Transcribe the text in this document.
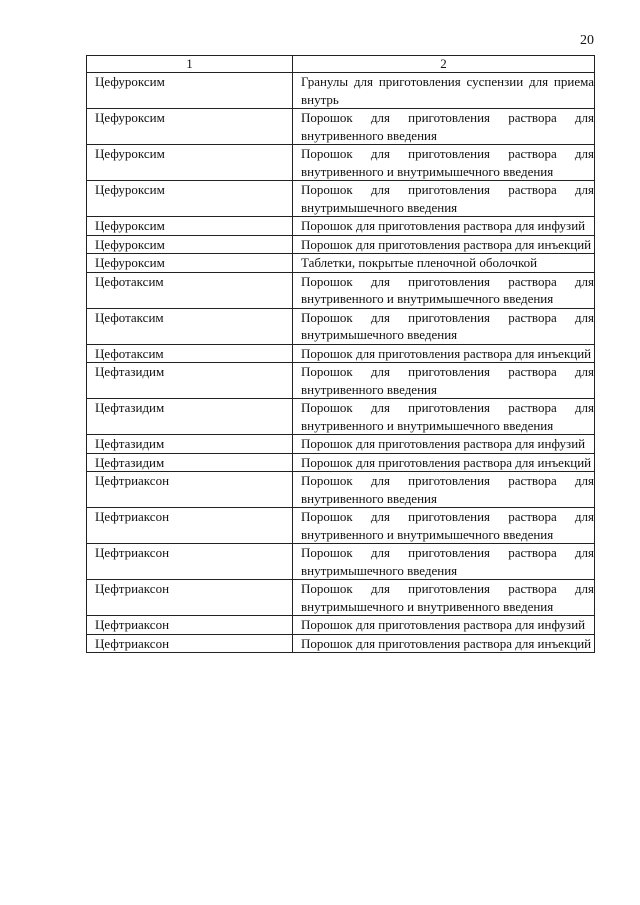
20
1	2
Цефуроксим	Гранулы для приготовления суспензии для приема внутрь
Цефуроксим	Порошок для приготовления раствора для внутривенного введения
Цефуроксим	Порошок для приготовления раствора для внутривенного и внутримышечного введения
Цефуроксим	Порошок для приготовления раствора для внутримышечного введения
Цефуроксим	Порошок для приготовления раствора для инфузий
Цефуроксим	Порошок для приготовления раствора для инъекций
Цефуроксим	Таблетки, покрытые пленочной оболочкой
Цефотаксим	Порошок для приготовления раствора для внутривенного и внутримышечного введения
Цефотаксим	Порошок для приготовления раствора для внутримышечного введения
Цефотаксим	Порошок для приготовления раствора для инъекций
Цефтазидим	Порошок для приготовления раствора для внутривенного введения
Цефтазидим	Порошок для приготовления раствора для внутривенного и внутримышечного введения
Цефтазидим	Порошок для приготовления раствора для инфузий
Цефтазидим	Порошок для приготовления раствора для инъекций
Цефтриаксон	Порошок для приготовления раствора для внутривенного введения
Цефтриаксон	Порошок для приготовления раствора для внутривенного и внутримышечного введения
Цефтриаксон	Порошок для приготовления раствора для внутримышечного введения
Цефтриаксон	Порошок для приготовления раствора для внутримышечного и внутривенного введения
Цефтриаксон	Порошок для приготовления раствора для инфузий
Цефтриаксон	Порошок для приготовления раствора для инъекций
